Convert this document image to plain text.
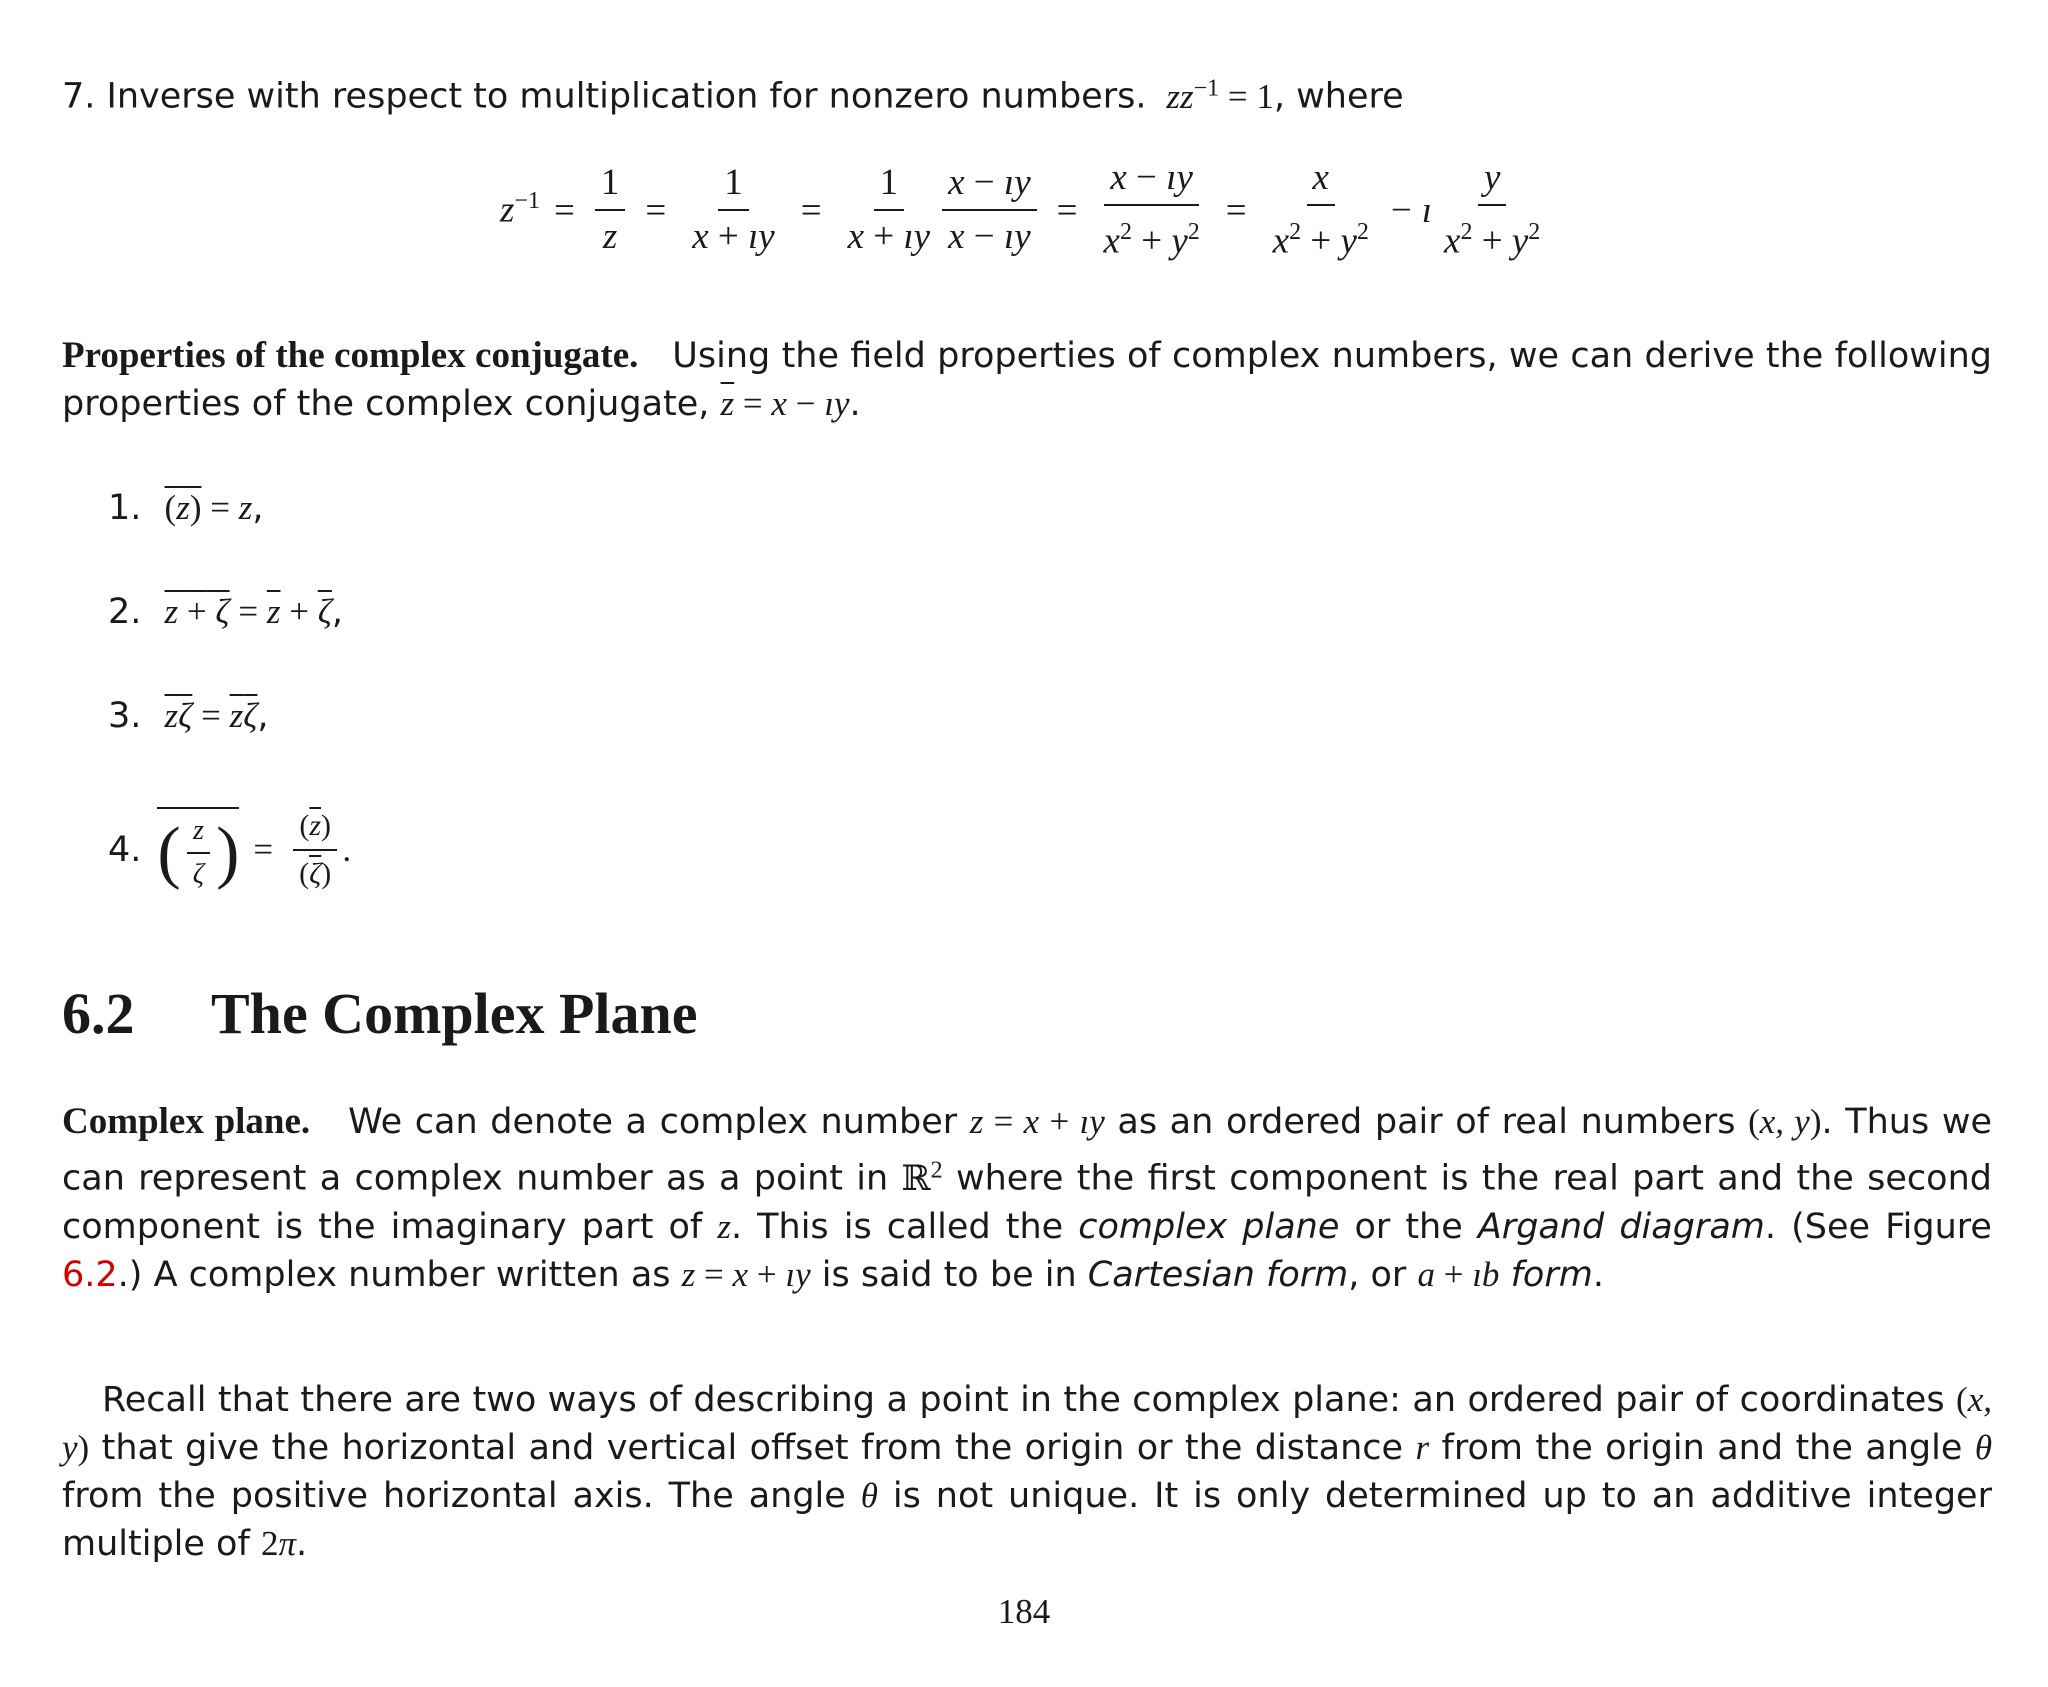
7. Inverse with respect to multiplication for nonzero numbers.  $zz^{-1} = 1$, where
$z^{-1} = \frac{1}{z} = \frac{1}{x + ıy} = \frac{1}{x + ıy} \frac{x - ıy}{x - ıy} = \frac{x - ıy}{x^2 + y^2} = \frac{x}{x^2 + y^2}$ − ı $\frac{y}{x^2 + y^2}$
Properties of the complex conjugate. Using the field properties of complex numbers, we can derive the following properties of the complex conjugate, $\overline{z} = x$ − ıy.
1. (z) = z,
2. $z + \zeta = \overline{z} + \overline{\zeta}$,
3. $\overline{z\zeta} = \overline{z}\overline{\zeta}$,
4. ( $\frac{z}{\zeta}$ ) = $\frac{(\overline{z})}{(\overline{\zeta})}$ .
6.2 The Complex Plane
Complex plane. We can denote a complex number z = x + ıy as an ordered pair of real numbers (x, y). Thus we can represent a complex number as a point in ℝ$^2$ where the first component is the real part and the second component is the imaginary part of z. This is called the complex plane or the Argand diagram. (See Figure 6.2.) A complex number written as z = x + ıy is said to be in Cartesian form, or a + ıb form.
Recall that there are two ways of describing a point in the complex plane: an ordered pair of coordinates (x, y) that give the horizontal and vertical offset from the origin or the distance r from the origin and the angle θ from the positive horizontal axis. The angle θ is not unique. It is only determined up to an additive integer multiple of 2π.
184
